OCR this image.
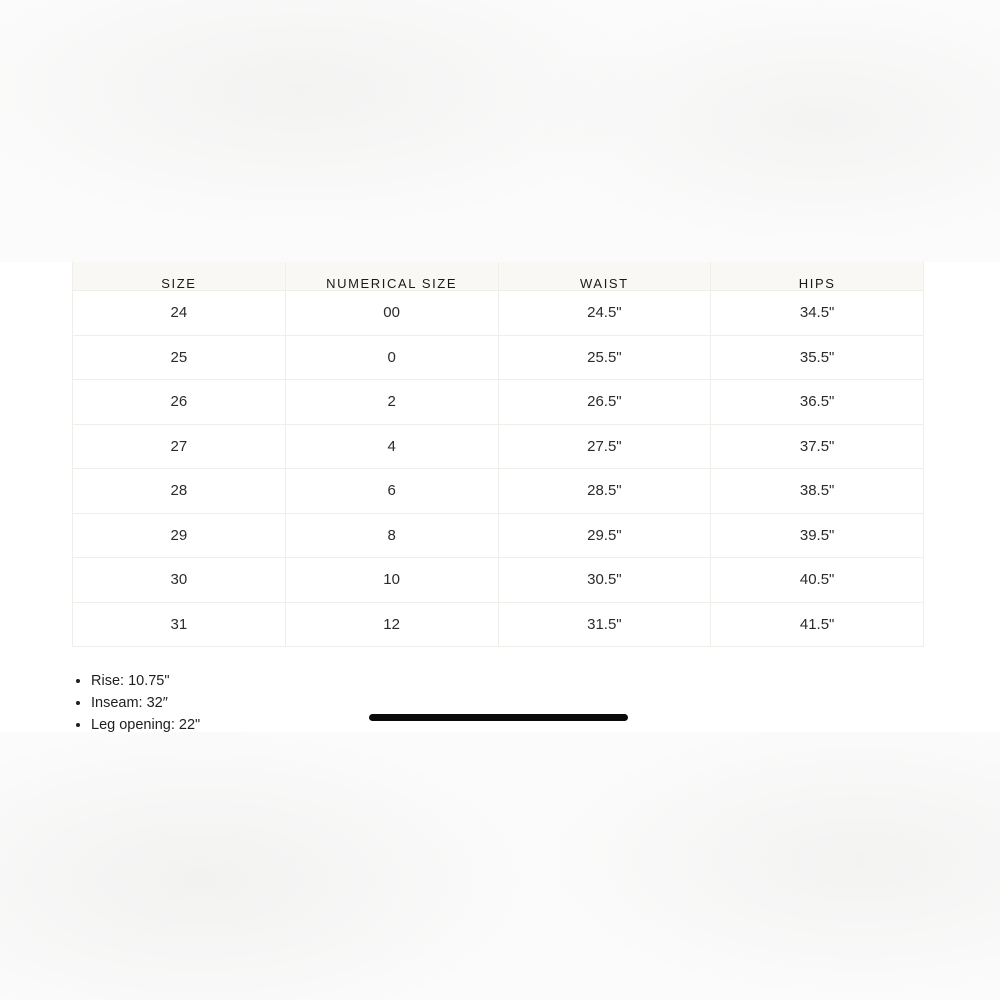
SIZE	NUMERICAL SIZE	WAIST	HIPS

24	00	24.5"	34.5"
25	0	25.5"	35.5"
26	2	26.5"	36.5"
27	4	27.5"	37.5"
28	6	28.5"	38.5"
29	8	29.5"	39.5"
30	10	30.5"	40.5"
31	12	31.5"	41.5"
• Rise: 10.75"
• Inseam: 32″
• Leg opening: 22"
